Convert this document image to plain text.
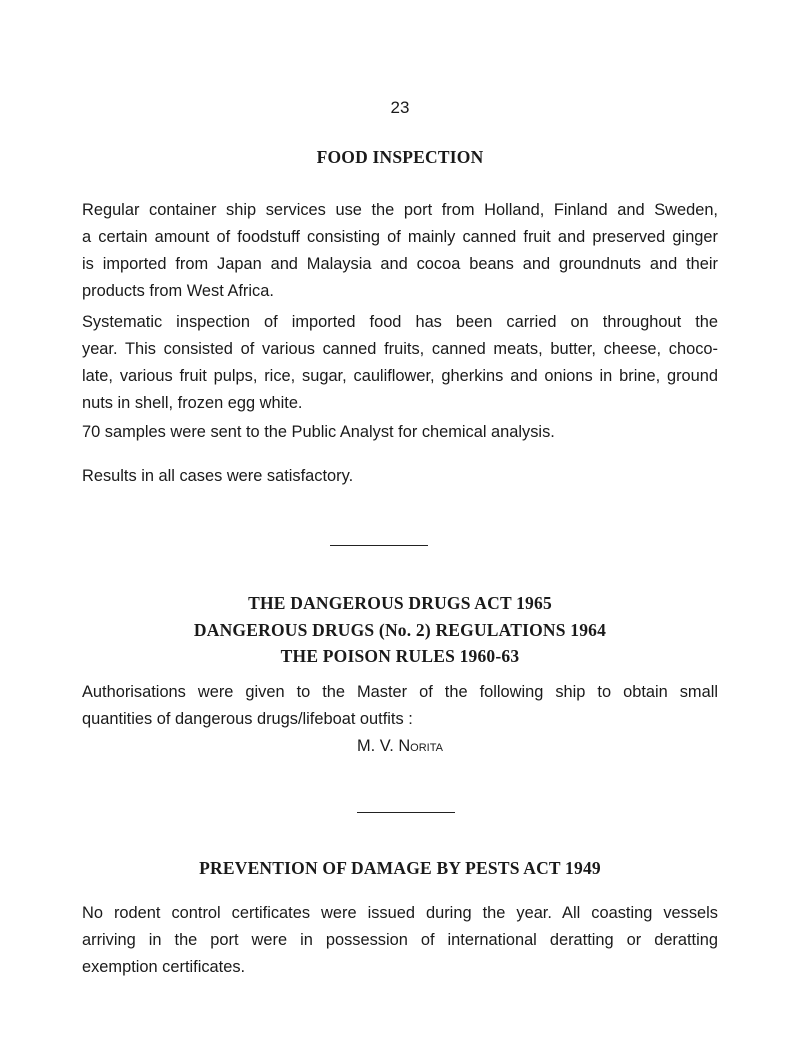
23
FOOD INSPECTION
Regular container ship services use the port from Holland, Finland and Sweden,
a certain amount of foodstuff consisting of mainly canned fruit and preserved ginger
is imported from Japan and Malaysia and cocoa beans and groundnuts and their
products from West Africa.
Systematic inspection of imported food has been carried on throughout the
year. This consisted of various canned fruits, canned meats, butter, cheese, choco-
late, various fruit pulps, rice, sugar, cauliflower, gherkins and onions in brine, ground
nuts in shell, frozen egg white.
70 samples were sent to the Public Analyst for chemical analysis.
Results in all cases were satisfactory.
THE DANGEROUS DRUGS ACT 1965
DANGEROUS DRUGS (No. 2) REGULATIONS 1964
THE POISON RULES 1960-63
Authorisations were given to the Master of the following ship to obtain small
quantities of dangerous drugs/lifeboat outfits :
M. V. Norita
PREVENTION OF DAMAGE BY PESTS ACT 1949
No rodent control certificates were issued during the year. All coasting vessels
arriving in the port were in possession of international deratting or deratting
exemption certificates.
